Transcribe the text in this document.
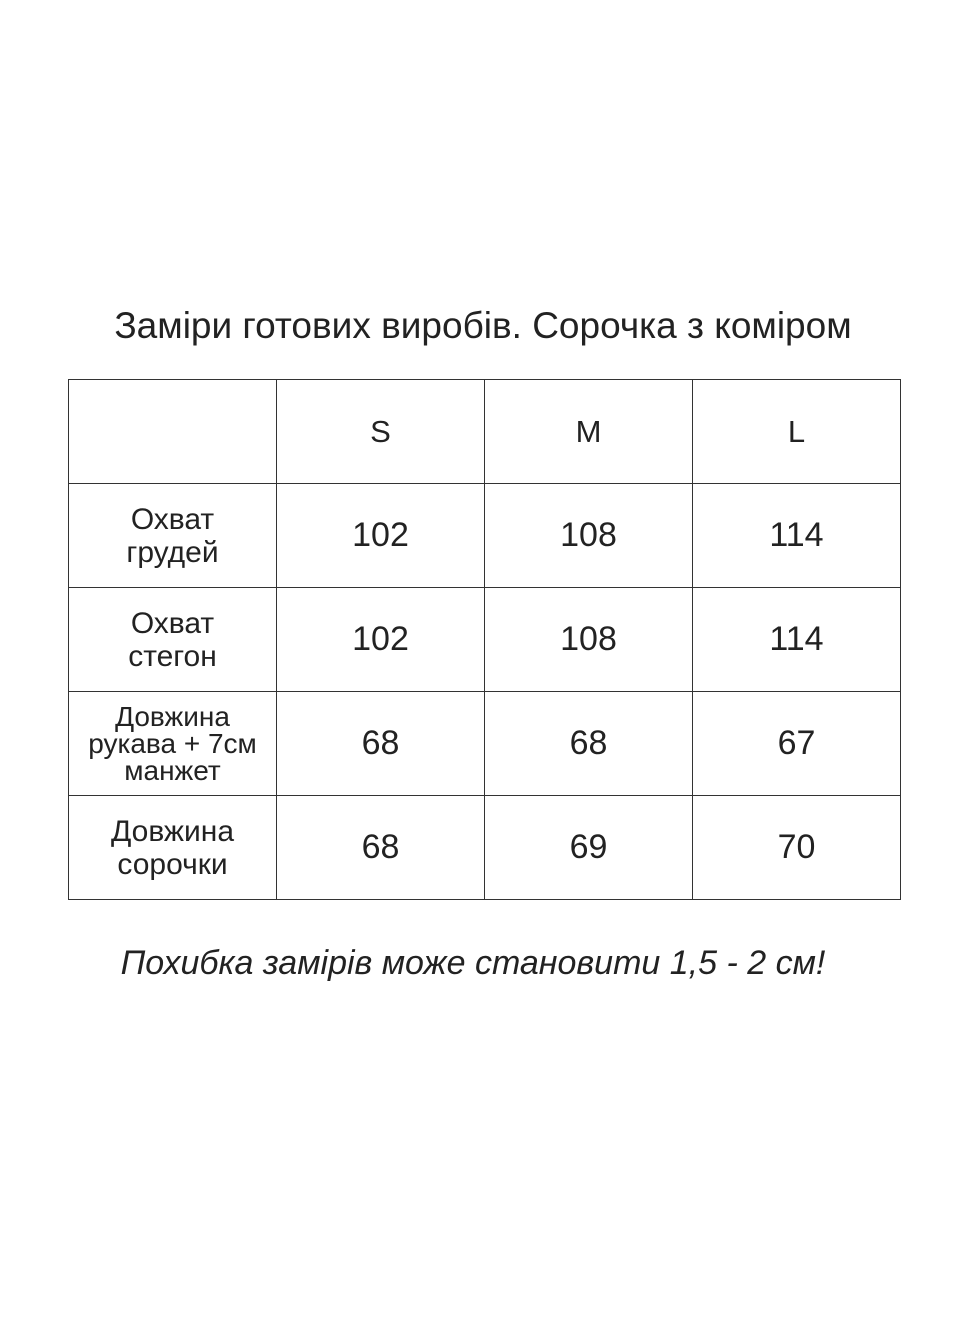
Заміри готових виробів. Сорочка з коміром
	S	M	L

Охват
грудей	102	108	114

Охват
стегон	102	108	114

Довжина
рукава + 7см
манжет	68	68	67

Довжина
сорочки	68	69	70
Похибка замірів може становити 1,5 - 2 см!
